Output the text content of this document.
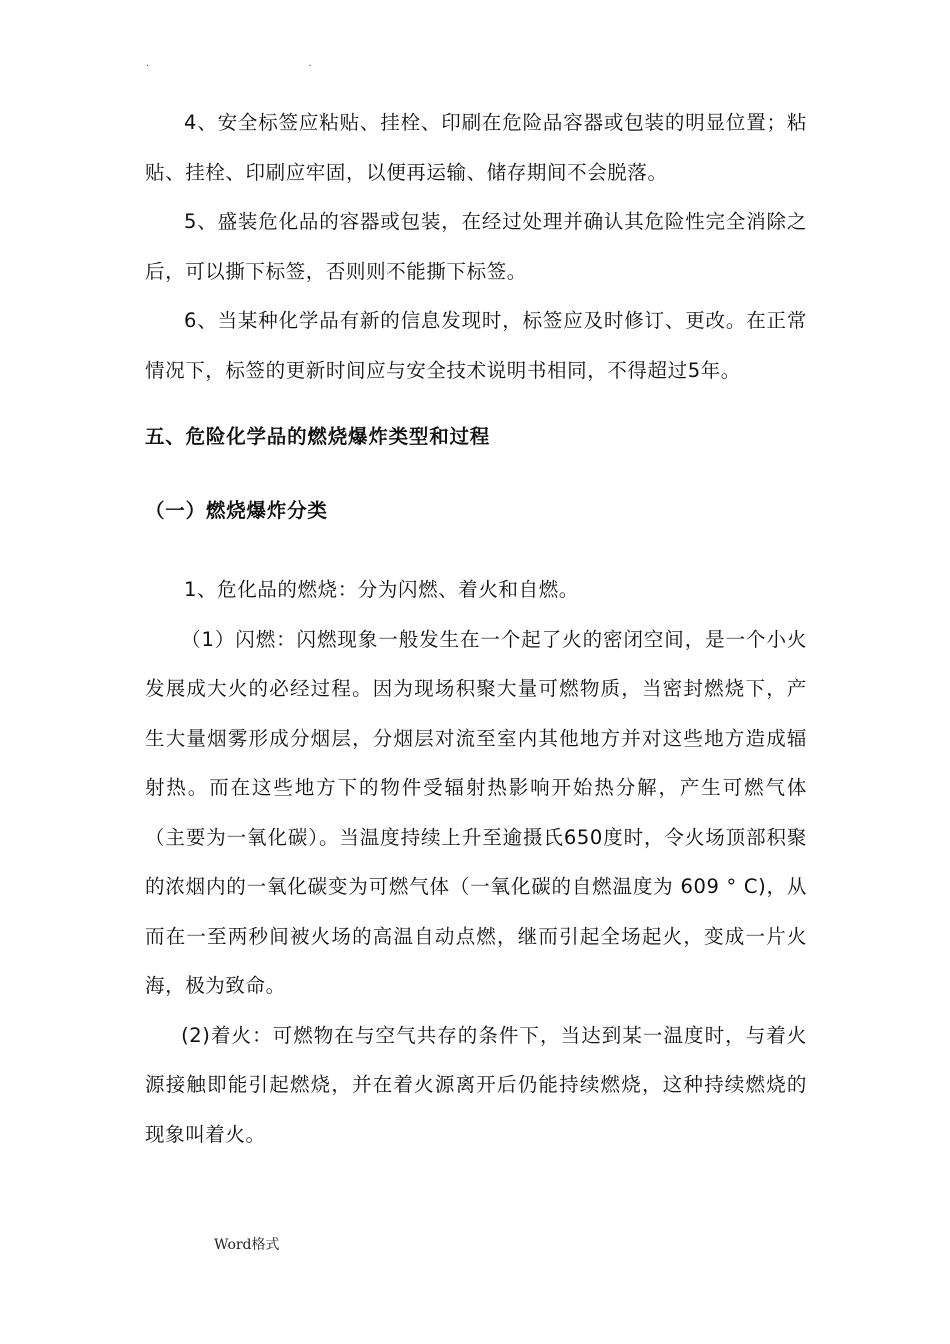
. .

4、安全标签应粘贴、挂栓、印刷在危险品容器或包装的明显位置；粘贴、挂栓、印刷应牢固，以便再运输、储存期间不会脱落。

5、盛装危化品的容器或包装，在经过处理并确认其危险性完全消除之后，可以撕下标签，否则则不能撕下标签。

6、当某种化学品有新的信息发现时，标签应及时修订、更改。在正常情况下，标签的更新时间应与安全技术说明书相同，不得超过5年。

五、危险化学品的燃烧爆炸类型和过程
（一）燃烧爆炸分类

1、危化品的燃烧：分为闪燃、着火和自燃。

（1）闪燃：闪燃现象一般发生在一个起了火的密闭空间，是一个小火发展成大火的必经过程。因为现场积聚大量可燃物质，当密封燃烧下，产生大量烟雾形成分烟层，分烟层对流至室内其他地方并对这些地方造成辐射热。而在这些地方下的物件受辐射热影响开始热分解，产生可燃气体（主要为一氧化碳）。当温度持续上升至逾摄氏650度时，令火场顶部积聚的浓烟内的一氧化碳变为可燃气体（一氧化碳的自燃温度为 609 ° C)，从而在一至两秒间被火场的高温自动点燃，继而引起全场起火，变成一片火海，极为致命。

(2)着火：可燃物在与空气共存的条件下，当达到某一温度时，与着火源接触即能引起燃烧，并在着火源离开后仍能持续燃烧，这种持续燃烧的现象叫着火。

Word格式
